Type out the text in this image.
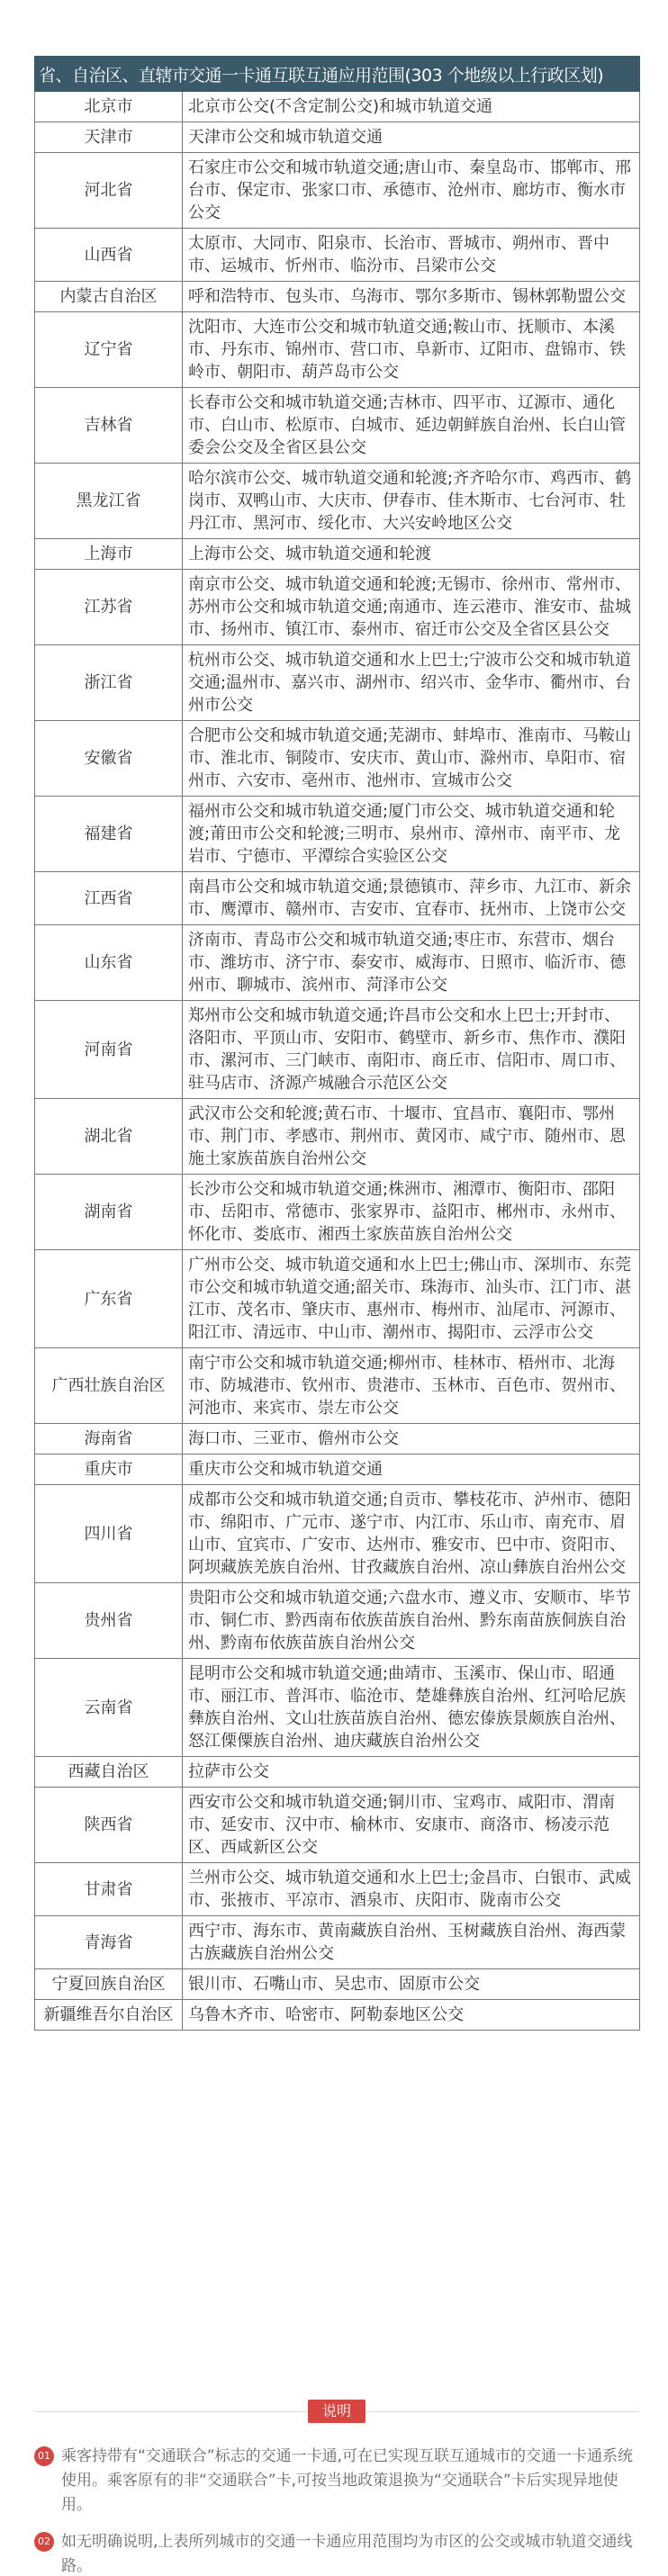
省、自治区、直辖市	交通一卡通互联互通应用范围(303 个地级以上行政区划)
北京市	北京市公交(不含定制公交)和城市轨道交通
天津市	天津市公交和城市轨道交通
河北省	石家庄市公交和城市轨道交通;唐山市、秦皇岛市、邯郸市、邢台市、保定市、张家口市、承德市、沧州市、廊坊市、衡水市公交
山西省	太原市、大同市、阳泉市、长治市、晋城市、朔州市、晋中市、运城市、忻州市、临汾市、吕梁市公交
内蒙古自治区	呼和浩特市、包头市、乌海市、鄂尔多斯市、锡林郭勒盟公交
辽宁省	沈阳市、大连市公交和城市轨道交通;鞍山市、抚顺市、本溪市、丹东市、锦州市、营口市、阜新市、辽阳市、盘锦市、铁岭市、朝阳市、葫芦岛市公交
吉林省	长春市公交和城市轨道交通;吉林市、四平市、辽源市、通化市、白山市、松原市、白城市、延边朝鲜族自治州、长白山管委会公交及全省区县公交
黑龙江省	哈尔滨市公交、城市轨道交通和轮渡;齐齐哈尔市、鸡西市、鹤岗市、双鸭山市、大庆市、伊春市、佳木斯市、七台河市、牡丹江市、黑河市、绥化市、大兴安岭地区公交
上海市	上海市公交、城市轨道交通和轮渡
江苏省	南京市公交、城市轨道交通和轮渡;无锡市、徐州市、常州市、苏州市公交和城市轨道交通;南通市、连云港市、淮安市、盐城市、扬州市、镇江市、泰州市、宿迁市公交及全省区县公交
浙江省	杭州市公交、城市轨道交通和水上巴士;宁波市公交和城市轨道交通;温州市、嘉兴市、湖州市、绍兴市、金华市、衢州市、台州市公交
安徽省	合肥市公交和城市轨道交通;芜湖市、蚌埠市、淮南市、马鞍山市、淮北市、铜陵市、安庆市、黄山市、滁州市、阜阳市、宿州市、六安市、亳州市、池州市、宣城市公交
福建省	福州市公交和城市轨道交通;厦门市公交、城市轨道交通和轮渡;莆田市公交和轮渡;三明市、泉州市、漳州市、南平市、龙岩市、宁德市、平潭综合实验区公交
江西省	南昌市公交和城市轨道交通;景德镇市、萍乡市、九江市、新余市、鹰潭市、赣州市、吉安市、宜春市、抚州市、上饶市公交
山东省	济南市、青岛市公交和城市轨道交通;枣庄市、东营市、烟台市、潍坊市、济宁市、泰安市、威海市、日照市、临沂市、德州市、聊城市、滨州市、菏泽市公交
河南省	郑州市公交和城市轨道交通;许昌市公交和水上巴士;开封市、洛阳市、平顶山市、安阳市、鹤壁市、新乡市、焦作市、濮阳市、漯河市、三门峡市、南阳市、商丘市、信阳市、周口市、驻马店市、济源产城融合示范区公交
湖北省	武汉市公交和轮渡;黄石市、十堰市、宜昌市、襄阳市、鄂州市、荆门市、孝感市、荆州市、黄冈市、咸宁市、随州市、恩施土家族苗族自治州公交
湖南省	长沙市公交和城市轨道交通;株洲市、湘潭市、衡阳市、邵阳市、岳阳市、常德市、张家界市、益阳市、郴州市、永州市、怀化市、娄底市、湘西土家族苗族自治州公交
广东省	广州市公交、城市轨道交通和水上巴士;佛山市、深圳市、东莞市公交和城市轨道交通;韶关市、珠海市、汕头市、江门市、湛江市、茂名市、肇庆市、惠州市、梅州市、汕尾市、河源市、阳江市、清远市、中山市、潮州市、揭阳市、云浮市公交
广西壮族自治区	南宁市公交和城市轨道交通;柳州市、桂林市、梧州市、北海市、防城港市、钦州市、贵港市、玉林市、百色市、贺州市、河池市、来宾市、崇左市公交
海南省	海口市、三亚市、儋州市公交
重庆市	重庆市公交和城市轨道交通
四川省	成都市公交和城市轨道交通;自贡市、攀枝花市、泸州市、德阳市、绵阳市、广元市、遂宁市、内江市、乐山市、南充市、眉山市、宜宾市、广安市、达州市、雅安市、巴中市、资阳市、阿坝藏族羌族自治州、甘孜藏族自治州、凉山彝族自治州公交
贵州省	贵阳市公交和城市轨道交通;六盘水市、遵义市、安顺市、毕节市、铜仁市、黔西南布依族苗族自治州、黔东南苗族侗族自治州、黔南布依族苗族自治州公交
云南省	昆明市公交和城市轨道交通;曲靖市、玉溪市、保山市、昭通市、丽江市、普洱市、临沧市、楚雄彝族自治州、红河哈尼族彝族自治州、文山壮族苗族自治州、德宏傣族景颇族自治州、怒江傈僳族自治州、迪庆藏族自治州公交
西藏自治区	拉萨市公交
陕西省	西安市公交和城市轨道交通;铜川市、宝鸡市、咸阳市、渭南市、延安市、汉中市、榆林市、安康市、商洛市、杨凌示范区、西咸新区公交
甘肃省	兰州市公交、城市轨道交通和水上巴士;金昌市、白银市、武威市、张掖市、平凉市、酒泉市、庆阳市、陇南市公交
青海省	西宁市、海东市、黄南藏族自治州、玉树藏族自治州、海西蒙古族藏族自治州公交
宁夏回族自治区	银川市、石嘴山市、吴忠市、固原市公交
新疆维吾尔自治区	乌鲁木齐市、哈密市、阿勒泰地区公交
说明
01 乘客持带有“交通联合”标志的交通一卡通,可在已实现互联互通城市的交通一卡通系统使用。乘客原有的非“交通联合”卡,可按当地政策退换为“交通联合”卡后实现异地使用。
02 如无明确说明,上表所列城市的交通一卡通应用范围均为市区的公交或城市轨道交通线路。
